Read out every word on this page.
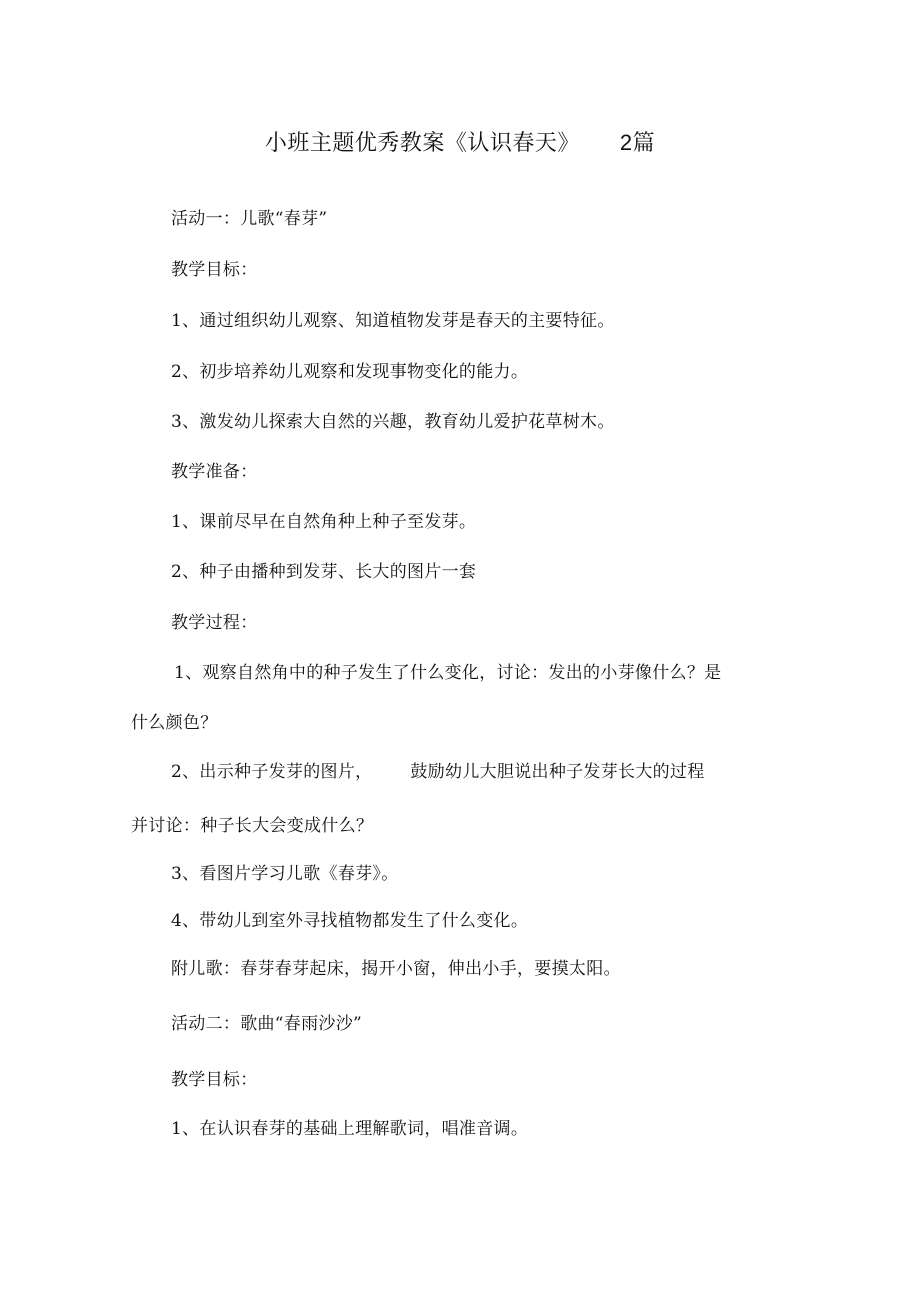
小班主题优秀教案《认识春天》 2篇
活动一：儿歌“春芽”
教学目标：
1、通过组织幼儿观察、知道植物发芽是春天的主要特征。
2、初步培养幼儿观察和发现事物变化的能力。
3、激发幼儿探索大自然的兴趣，教育幼儿爱护花草树木。
教学准备：
1、课前尽早在自然角种上种子至发芽。
2、种子由播种到发芽、长大的图片一套
教学过程：
1、观察自然角中的种子发生了什么变化，讨论：发出的小芽像什么？是
什么颜色？
2、出示种子发芽的图片， 鼓励幼儿大胆说出种子发芽长大的过程
并讨论：种子长大会变成什么？
3、看图片学习儿歌《春芽》。
4、带幼儿到室外寻找植物都发生了什么变化。
附儿歌：春芽春芽起床，揭开小窗，伸出小手，要摸太阳。
活动二：歌曲“春雨沙沙”
教学目标：
1、在认识春芽的基础上理解歌词，唱准音调。
